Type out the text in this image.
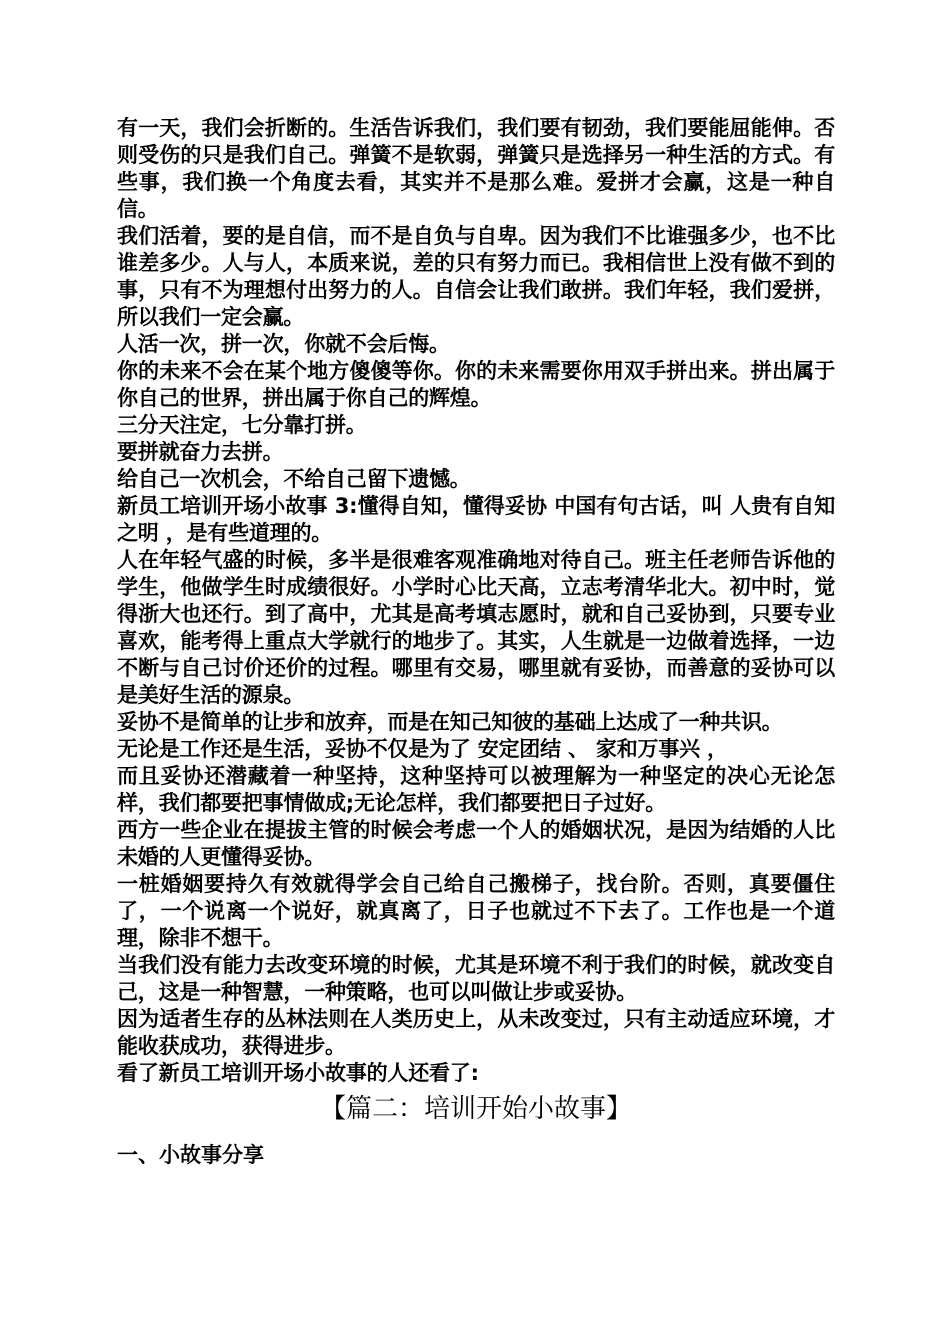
有一天，我们会折断的。生活告诉我们，我们要有韧劲，我们要能屈能伸。否则受伤的只是我们自己。弹簧不是软弱，弹簧只是选择另一种生活的方式。有些事，我们换一个角度去看，其实并不是那么难。爱拼才会赢，这是一种自信。

我们活着，要的是自信，而不是自负与自卑。因为我们不比谁强多少，也不比谁差多少。人与人，本质来说，差的只有努力而已。我相信世上没有做不到的事，只有不为理想付出努力的人。自信会让我们敢拼。我们年轻，我们爱拼，所以我们一定会赢。

人活一次，拼一次，你就不会后悔。

你的未来不会在某个地方傻傻等你。你的未来需要你用双手拼出来。拼出属于你自己的世界，拼出属于你自己的辉煌。

三分天注定，七分靠打拼。

要拼就奋力去拼。

给自己一次机会，不给自己留下遗憾。

新员工培训开场小故事 3:懂得自知，懂得妥协 中国有句古话，叫 人贵有自知之明 ，是有些道理的。

人在年轻气盛的时候，多半是很难客观准确地对待自己。班主任老师告诉他的学生，他做学生时成绩很好。小学时心比天高，立志考清华北大。初中时，觉得浙大也还行。到了高中，尤其是高考填志愿时，就和自己妥协到，只要专业喜欢，能考得上重点大学就行的地步了。其实，人生就是一边做着选择，一边不断与自己讨价还价的过程。哪里有交易，哪里就有妥协，而善意的妥协可以是美好生活的源泉。

妥协不是简单的让步和放弃，而是在知己知彼的基础上达成了一种共识。

无论是工作还是生活，妥协不仅是为了 安定团结 、 家和万事兴 ，

而且妥协还潜藏着一种坚持，这种坚持可以被理解为一种坚定的决心无论怎样，我们都要把事情做成;无论怎样，我们都要把日子过好。

西方一些企业在提拔主管的时候会考虑一个人的婚姻状况，是因为结婚的人比未婚的人更懂得妥协。

一桩婚姻要持久有效就得学会自己给自己搬梯子，找台阶。否则，真要僵住了，一个说离一个说好，就真离了，日子也就过不下去了。工作也是一个道理，除非不想干。

当我们没有能力去改变环境的时候，尤其是环境不利于我们的时候，就改变自己，这是一种智慧，一种策略，也可以叫做让步或妥协。

因为适者生存的丛林法则在人类历史上，从未改变过，只有主动适应环境，才能收获成功，获得进步。

看了新员工培训开场小故事的人还看了:

【篇二：培训开始小故事】
一、小故事分享
